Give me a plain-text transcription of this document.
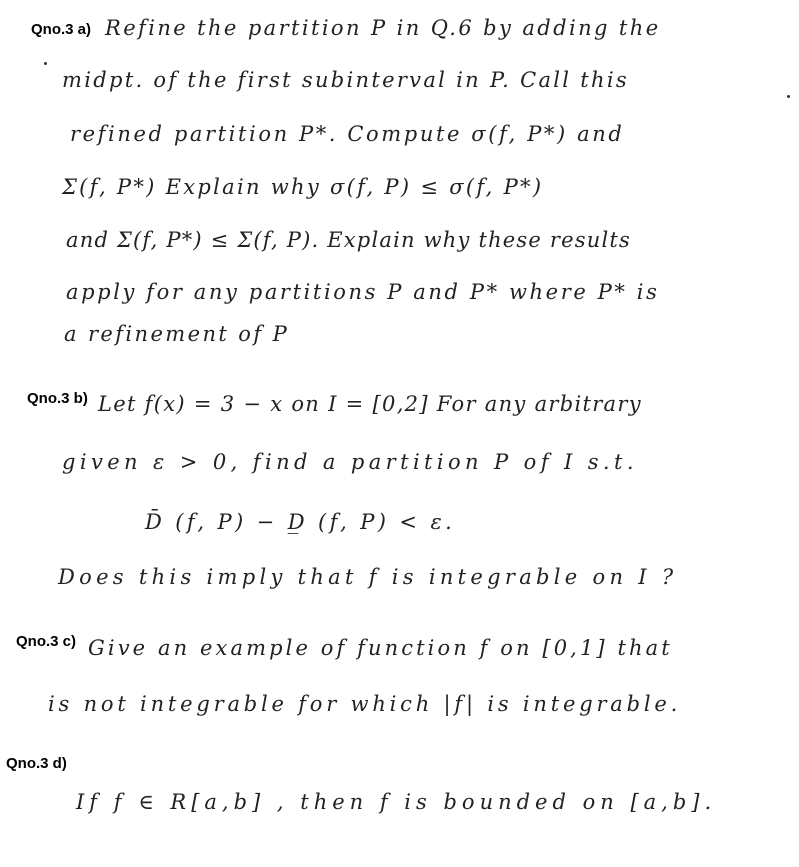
Qno.3 a) Refine the partition P in Q.6 by adding the
midpt. of the first subinterval in P. Call this
refined partition P*. Compute σ(f, P*) and
Σ(f, P*) Explain why σ(f, P) ≤ σ(f, P*)
and Σ(f, P*) ≤ Σ(f, P). Explain why these results
apply for any partitions P and P* where P* is
a refinement of P
Qno.3 b) Let f(x) = 3 − x on I = [0,2] For any arbitrary
given ε > 0, find a partition P of I s.t.
D̄ (f, P) − D̲ (f, P) < ε.
Does this imply that f is integrable on I ?
Qno.3 c) Give an example of function f on [0,1] that
is not integrable for which |f| is integrable.
Qno.3 d)
If f ∈ R[a,b] , then f is bounded on [a,b].
